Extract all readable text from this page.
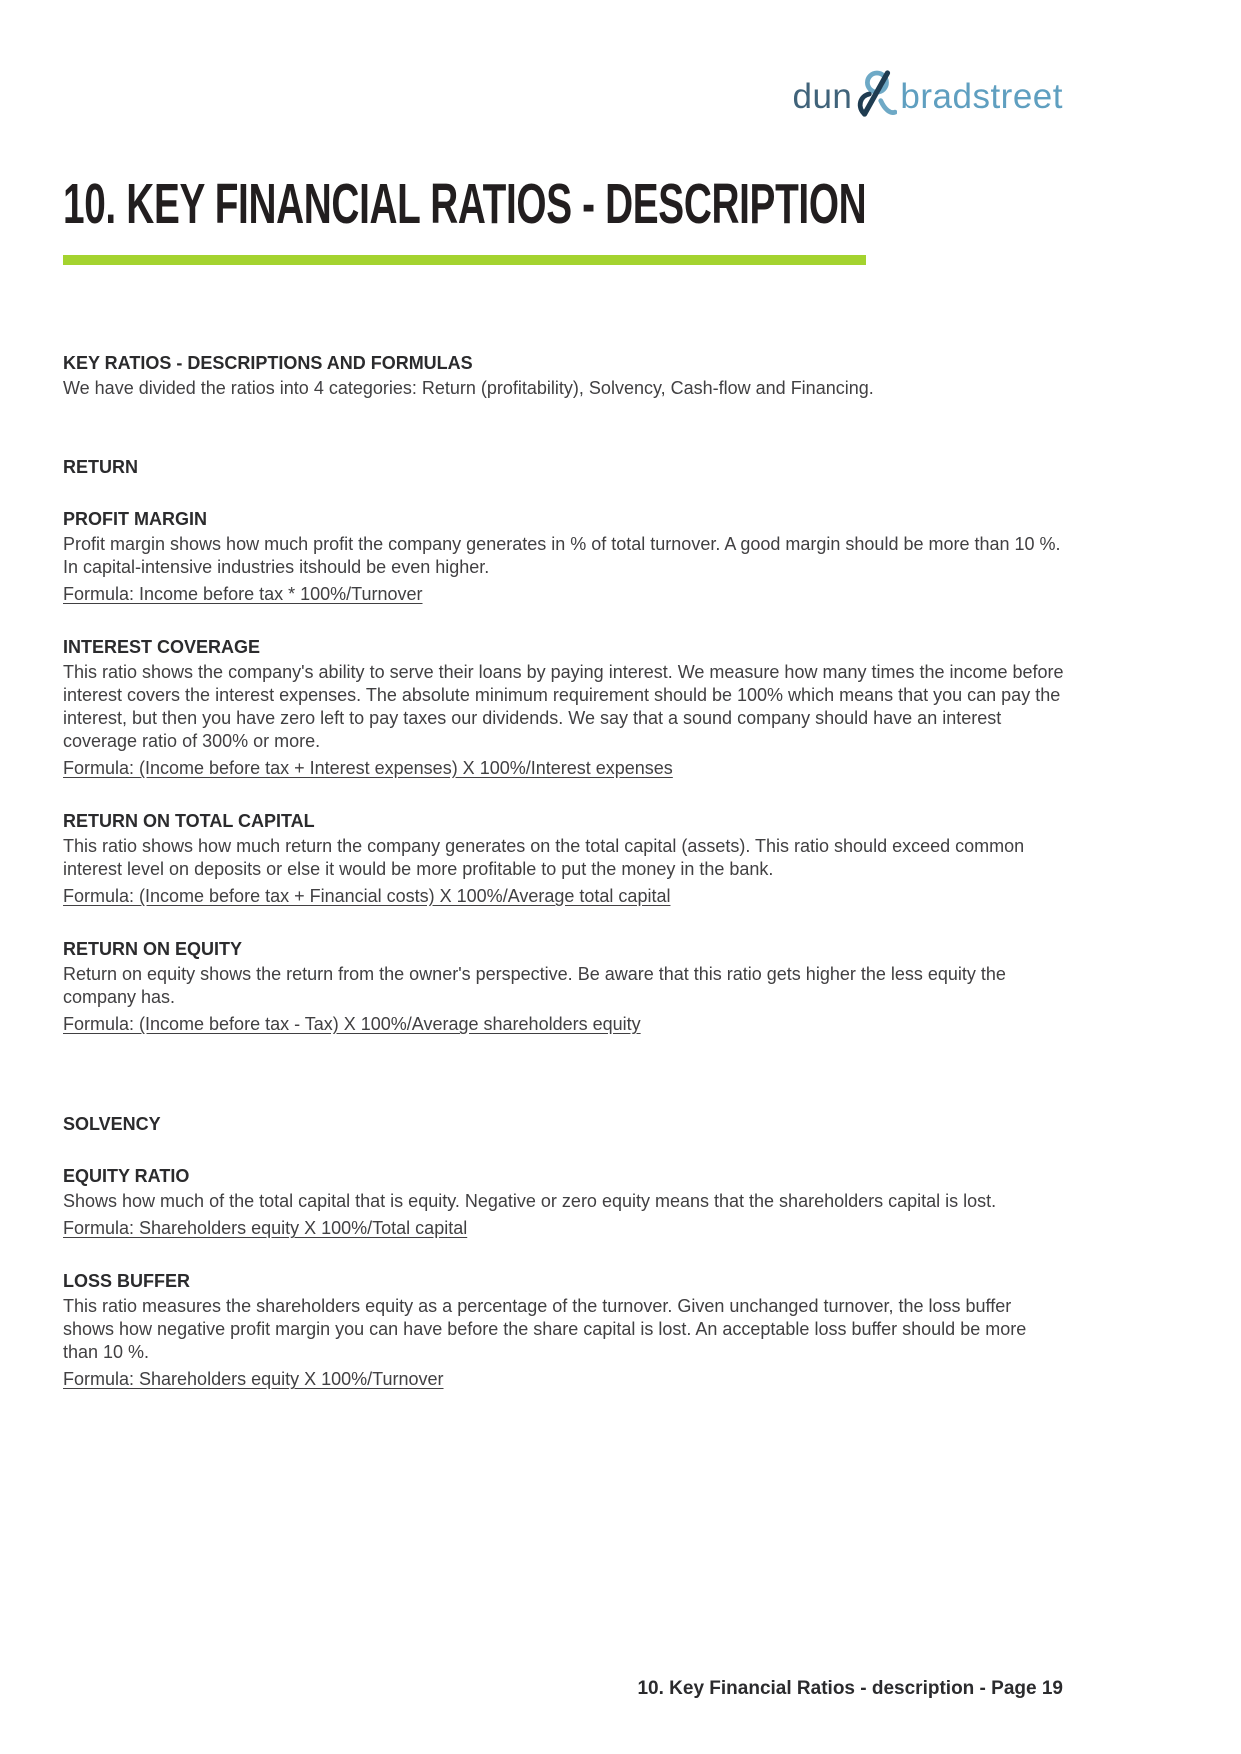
dun bradstreet
10. KEY FINANCIAL RATIOS - DESCRIPTION
KEY RATIOS - DESCRIPTIONS AND FORMULAS

We have divided the ratios into 4 categories: Return (profitability), Solvency, Cash-flow and Financing.

RETURN
PROFIT MARGIN

Profit margin shows how much profit the company generates in % of total turnover. A good margin should be more than 10 %. In capital-intensive industries itshould be even higher.

Formula: Income before tax * 100%/Turnover

INTEREST COVERAGE

This ratio shows the company's ability to serve their loans by paying interest. We measure how many times the income before interest covers the interest expenses. The absolute minimum requirement should be 100% which means that you can pay the interest, but then you have zero left to pay taxes our dividends. We say that a sound company should have an interest coverage ratio of 300% or more.

Formula: (Income before tax + Interest expenses) X 100%/Interest expenses

RETURN ON TOTAL CAPITAL

This ratio shows how much return the company generates on the total capital (assets). This ratio should exceed common interest level on deposits or else it would be more profitable to put the money in the bank.

Formula: (Income before tax + Financial costs) X 100%/Average total capital

RETURN ON EQUITY

Return on equity shows the return from the owner's perspective. Be aware that this ratio gets higher the less equity the company has.

Formula: (Income before tax - Tax) X 100%/Average shareholders equity

SOLVENCY
EQUITY RATIO

Shows how much of the total capital that is equity. Negative or zero equity means that the shareholders capital is lost.

Formula: Shareholders equity X 100%/Total capital

LOSS BUFFER

This ratio measures the shareholders equity as a percentage of the turnover. Given unchanged turnover, the loss buffer shows how negative profit margin you can have before the share capital is lost. An acceptable loss buffer should be more than 10 %.

Formula: Shareholders equity X 100%/Turnover

10. Key Financial Ratios - description - Page 19
